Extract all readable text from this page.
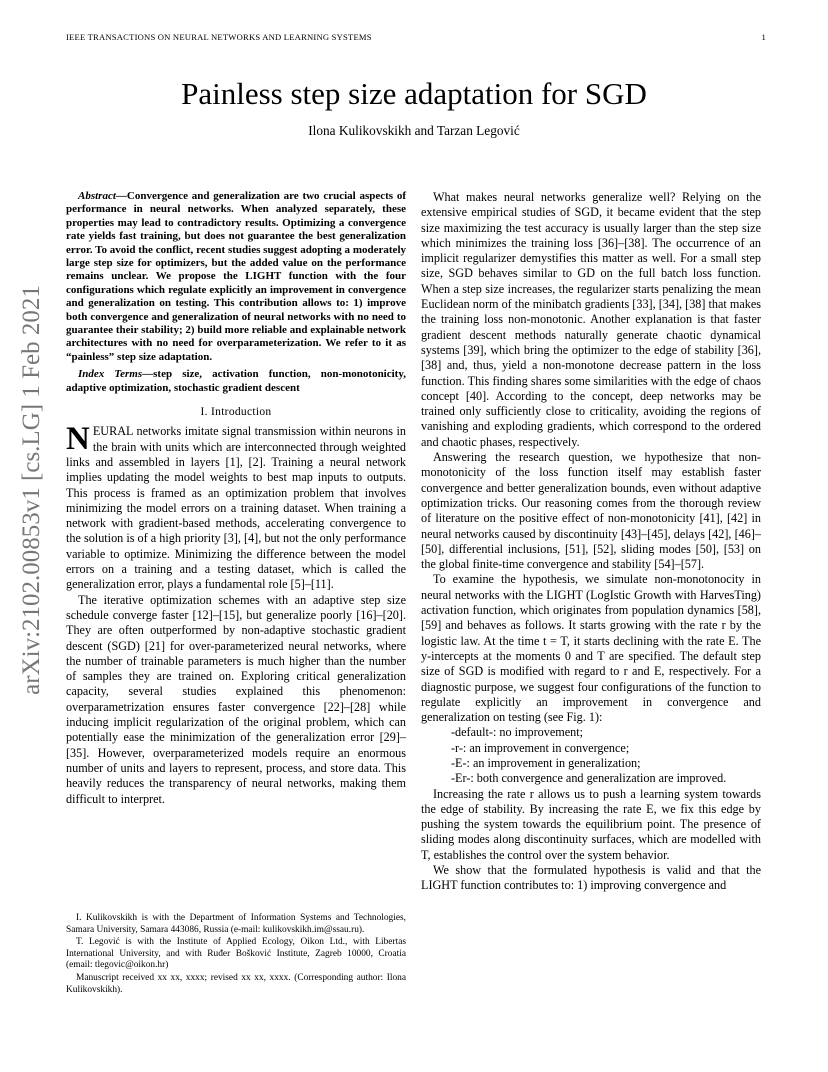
IEEE TRANSACTIONS ON NEURAL NETWORKS AND LEARNING SYSTEMS	1
arXiv:2102.00853v1 [cs.LG] 1 Feb 2021
Painless step size adaptation for SGD
Ilona Kulikovskikh and Tarzan Legović

Abstract—Convergence and generalization are two crucial aspects of performance in neural networks. When analyzed separately, these properties may lead to contradictory results. Optimizing a convergence rate yields fast training, but does not guarantee the best generalization error. To avoid the conflict, recent studies suggest adopting a moderately large step size for optimizers, but the added value on the performance remains unclear. We propose the LIGHT function with the four configurations which regulate explicitly an improvement in convergence and generalization on testing. This contribution allows to: 1) improve both convergence and generalization of neural networks with no need to guarantee their stability; 2) build more reliable and explainable network architectures with no need for overparameterization. We refer to it as “painless” step size adaptation.

Index Terms—step size, activation function, non-monotonicity, adaptive optimization, stochastic gradient descent

I. Introduction

NEURAL networks imitate signal transmission within neurons in the brain with units which are interconnected through weighted links and assembled in layers [1], [2]. Training a neural network implies updating the model weights to best map inputs to outputs. This process is framed as an optimization problem that involves minimizing the model errors on a training dataset. When training a network with gradient-based methods, accelerating convergence to the solution is of a high priority [3], [4], but not the only performance variable to optimize. Minimizing the difference between the model errors on a training and a testing dataset, which is called the generalization error, plays a fundamental role [5]–[11].

The iterative optimization schemes with an adaptive step size schedule converge faster [12]–[15], but generalize poorly [16]–[20]. They are often outperformed by non-adaptive stochastic gradient descent (SGD) [21] for over-parameterized neural networks, where the number of trainable parameters is much higher than the number of samples they are trained on. Exploring critical generalization capacity, several studies explained this phenomenon: overparametrization ensures faster convergence [22]–[28] while inducing implicit regularization of the original problem, which can potentially ease the minimization of the generalization error [29]–[35]. However, overparameterized models require an enormous number of units and layers to represent, process, and store data. This heavily reduces the transparency of neural networks, making them difficult to interpret.

I. Kulikovskikh is with the Department of Information Systems and Technologies, Samara University, Samara 443086, Russia (e-mail: kulikovskikh.im@ssau.ru).

T. Legović is with the Institute of Applied Ecology, Oikon Ltd., with Libertas International University, and with Ruđer Bošković Institute, Zagreb 10000, Croatia (email: tlegovic@oikon.hr)

Manuscript received xx xx, xxxx; revised xx xx, xxxx. (Corresponding author: Ilona Kulikovskikh).

What makes neural networks generalize well? Relying on the extensive empirical studies of SGD, it became evident that the step size maximizing the test accuracy is usually larger than the step size which minimizes the training loss [36]–[38]. The occurrence of an implicit regularizer demystifies this matter as well. For a small step size, SGD behaves similar to GD on the full batch loss function. When a step size increases, the regularizer starts penalizing the mean Euclidean norm of the minibatch gradients [33], [34], [38] that makes the training loss non-monotonic. Another explanation is that faster gradient descent methods naturally generate chaotic dynamical systems [39], which bring the optimizer to the edge of stability [36], [38] and, thus, yield a non-monotone decrease pattern in the loss function. This finding shares some similarities with the edge of chaos concept [40]. According to the concept, deep networks may be trained only sufficiently close to criticality, avoiding the regions of vanishing and exploding gradients, which correspond to the ordered and chaotic phases, respectively.

Answering the research question, we hypothesize that non-monotonicity of the loss function itself may establish faster convergence and better generalization bounds, even without adaptive optimization tricks. Our reasoning comes from the thorough review of literature on the positive effect of non-monotonicity [41], [42] in neural networks caused by discontinuity [43]–[45], delays [42], [46]–[50], differential inclusions, [51], [52], sliding modes [50], [53] on the global finite-time convergence and stability [54]–[57].

To examine the hypothesis, we simulate non-monotonocity in neural networks with the LIGHT (LogIstic Growth with HarvesTing) activation function, which originates from population dynamics [58], [59] and behaves as follows. It starts growing with the rate r by the logistic law. At the time t = T, it starts declining with the rate E. The y-intercepts at the moments 0 and T are specified. The default step size of SGD is modified with regard to r and E, respectively. For a diagnostic purpose, we suggest four configurations of the function to regulate explicitly an improvement in convergence and generalization on testing (see Fig. 1):

-default-: no improvement;

-r-: an improvement in convergence;

-E-: an improvement in generalization;

-Er-: both convergence and generalization are improved.

Increasing the rate r allows us to push a learning system towards the edge of stability. By increasing the rate E, we fix this edge by pushing the system towards the equilibrium point. The presence of sliding modes along discontinuity surfaces, which are modelled with T, establishes the control over the system behavior.

We show that the formulated hypothesis is valid and that the LIGHT function contributes to: 1) improving convergence and
